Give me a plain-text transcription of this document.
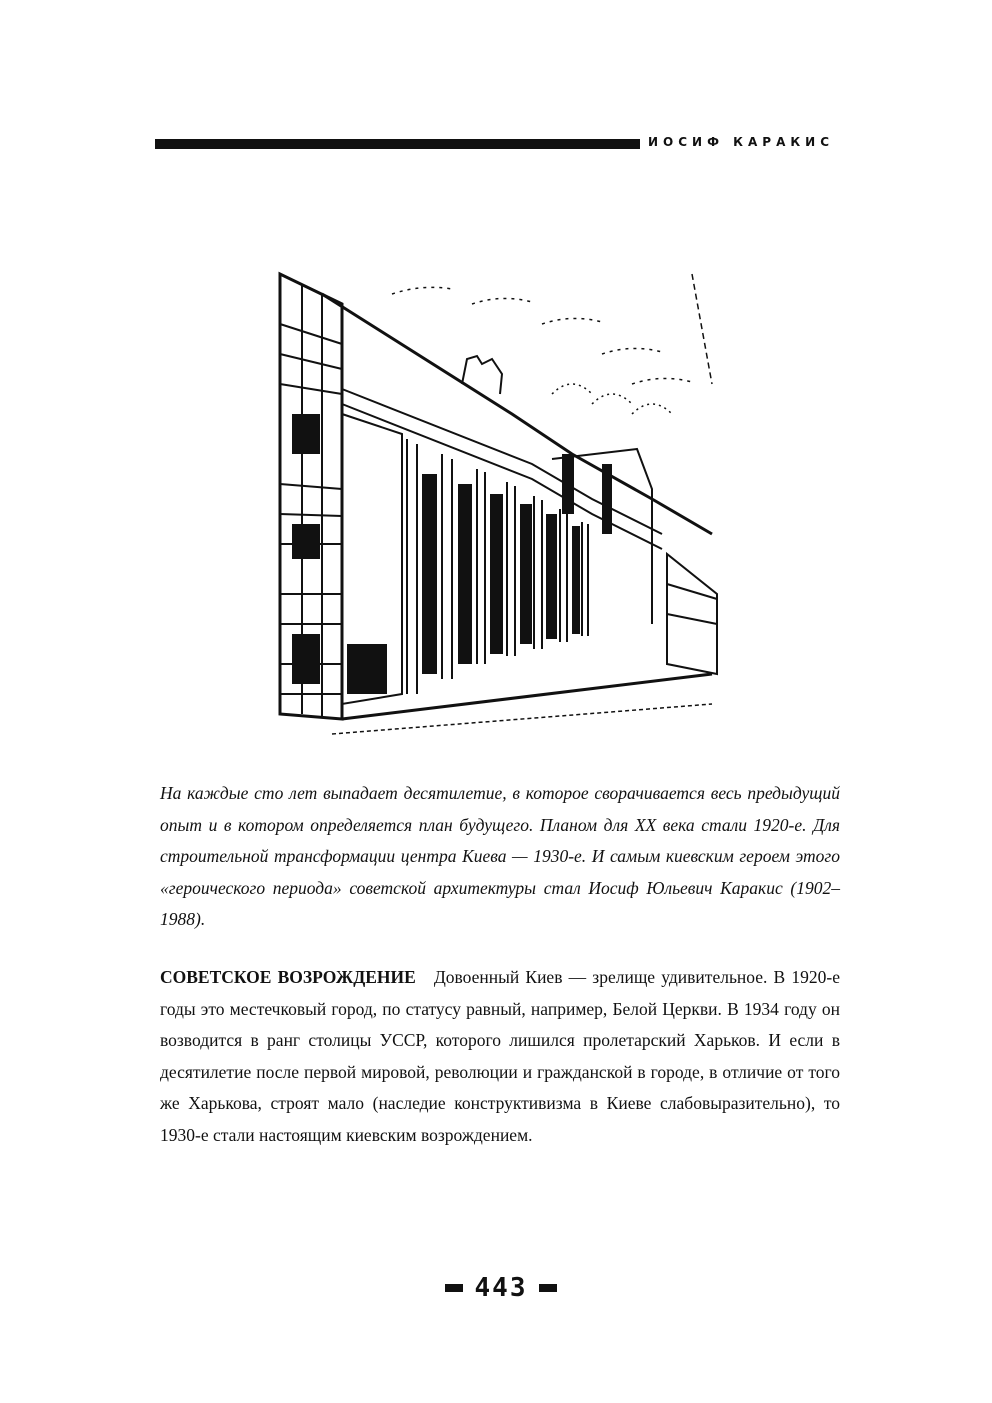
ИОСИФ КАРАКИС

На каждые сто лет выпадает десятилетие, в которое сворачивается весь предыдущий опыт и в котором определяется план будущего. Планом для XX века стали 1920-е. Для строительной трансформации центра Киева — 1930-е. И самым киевским героем этого «героического периода» советской архитектуры стал Иосиф Юльевич Каракис (1902–1988).

СОВЕТСКОЕ ВОЗРОЖДЕНИЕ Довоенный Киев — зрелище удивительное. В 1920-е годы это местечковый город, по статусу равный, например, Белой Церкви. В 1934 году он возводится в ранг столицы УССР, которого лишился пролетарский Харьков. И если в десятилетие после первой мировой, революции и гражданской в городе, в отличие от того же Харькова, строят мало (наследие конструктивизма в Киеве слабовыразительно), то 1930-е стали настоящим киевским возрождением.

443
